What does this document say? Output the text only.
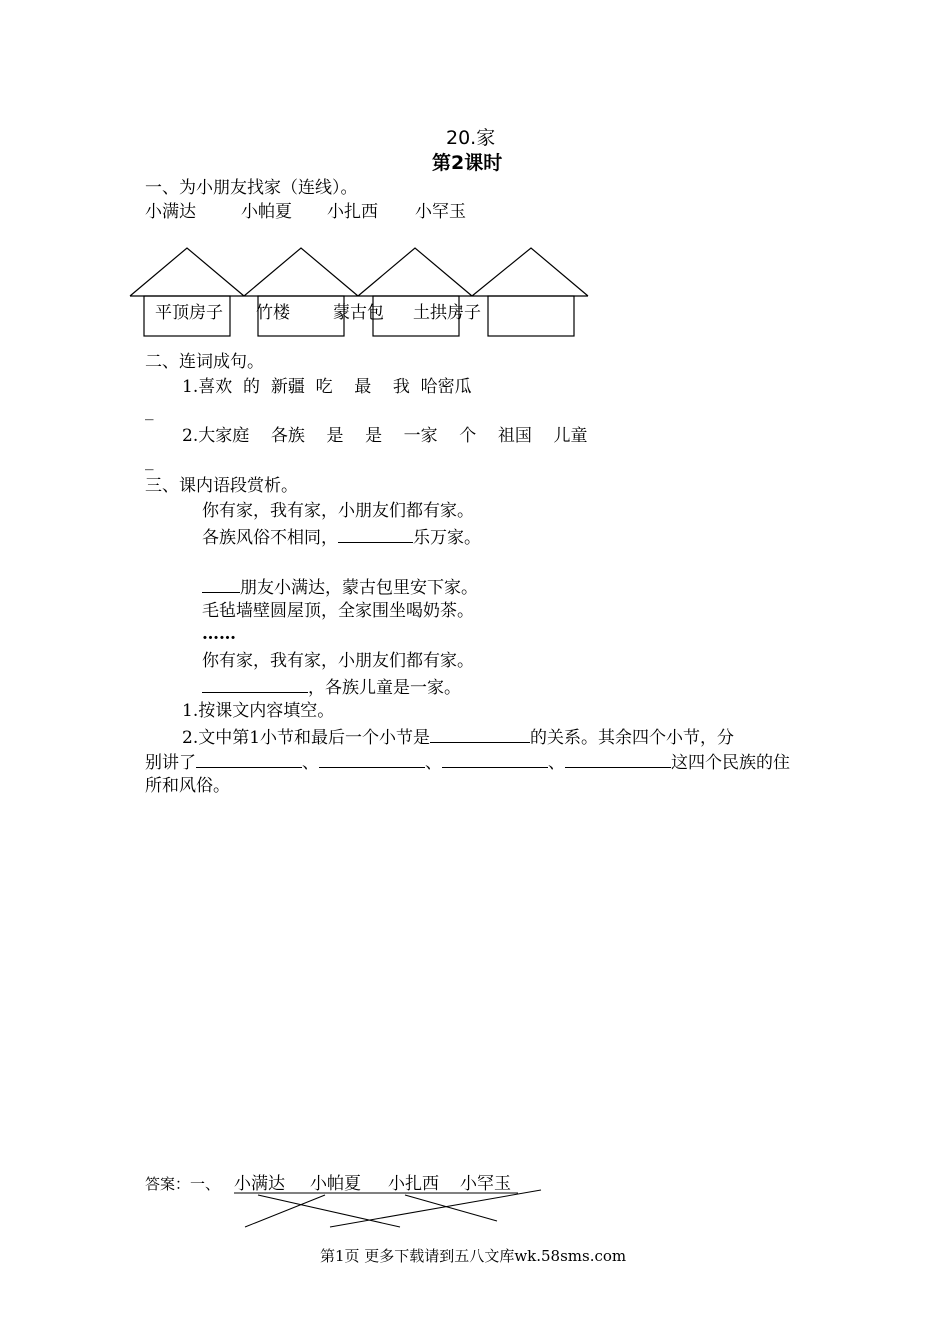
20.家
第2课时
一、为小朋友找家（连线）。
小满达	小帕夏 小扎西 小罕玉
平顶房子 竹楼	蒙古包 土拱房子
二、连词成句。
1.喜欢  的  新疆  吃    最    我  哈密瓜
_
2.大家庭    各族    是    是    一家    个    祖国    儿童
_
三、课内语段赏析。
你有家，我有家，小朋友们都有家。
各族风俗不相同，	乐万家。
朋友小满达，蒙古包里安下家。
毛毡墙壁圆屋顶，全家围坐喝奶茶。
……
你有家，我有家，小朋友们都有家。
，各族儿童是一家。
1.按课文内容填空。
2.文中第1小节和最后一个小节是	的关系。其余四个小节，分
别讲了	、	、	、	这四个民族的住
所和风俗。
答案：一、 小满达 小帕夏 小扎西 小罕玉
第1页 更多下载请到五八文库wk.58sms.com
